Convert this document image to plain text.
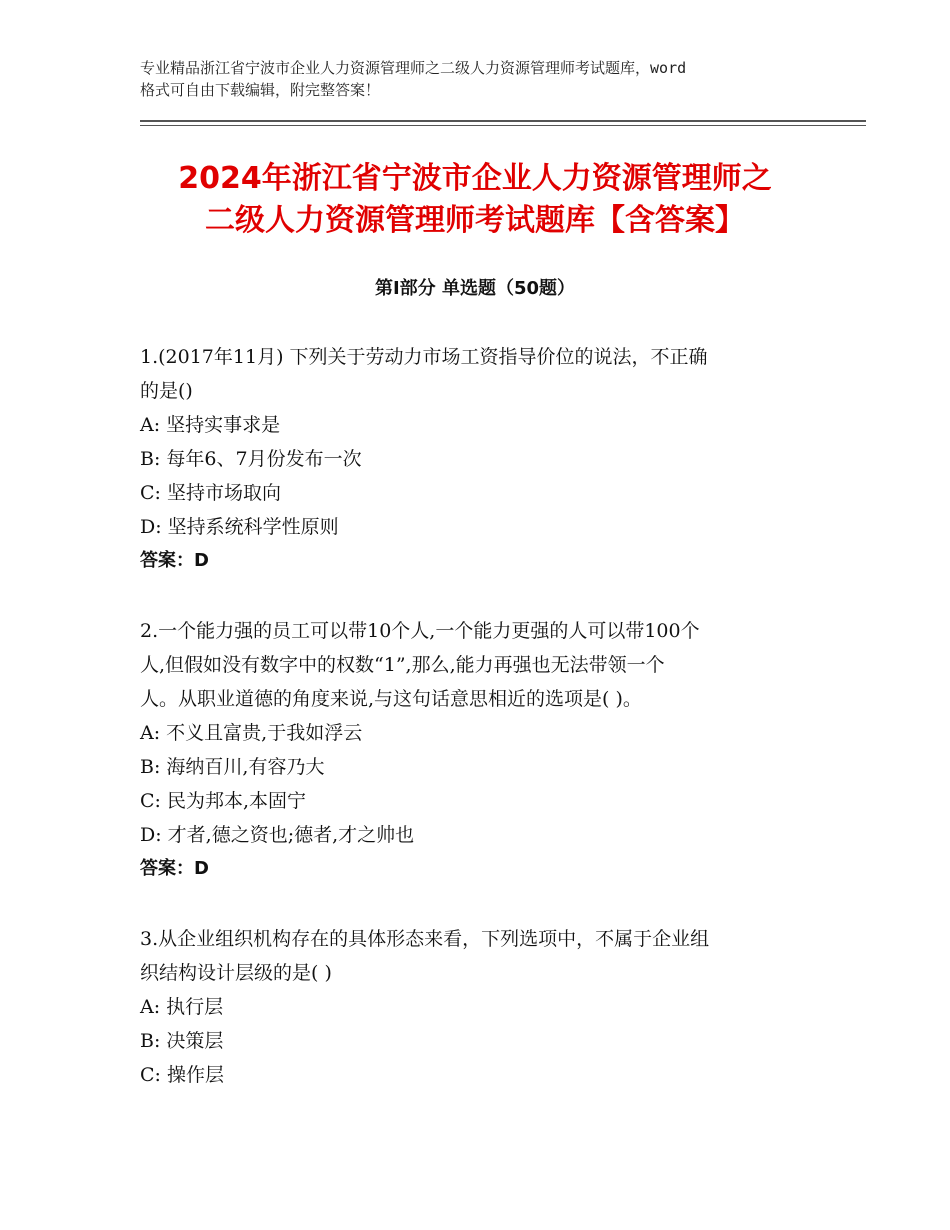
专业精品浙江省宁波市企业人力资源管理师之二级人力资源管理师考试题库，word
格式可自由下载编辑，附完整答案！
2024年浙江省宁波市企业人力资源管理师之
二级人力资源管理师考试题库【含答案】
第Ⅰ部分 单选题（50题）

1.(2017年11月) 下列关于劳动力市场工资指导价位的说法，不正确

的是()

A: 坚持实事求是

B: 每年6、7月份发布一次

C: 坚持市场取向

D: 坚持系统科学性原则

答案：D

2.一个能力强的员工可以带10个人,一个能力更强的人可以带100个

人,但假如没有数字中的权数“1”,那么,能力再强也无法带领一个

人。从职业道德的角度来说,与这句话意思相近的选项是( )。

A: 不义且富贵,于我如浮云

B: 海纳百川,有容乃大

C: 民为邦本,本固宁

D: 才者,德之资也;德者,才之帅也

答案：D

3.从企业组织机构存在的具体形态来看，下列选项中，不属于企业组

织结构设计层级的是( )

A: 执行层

B: 决策层

C: 操作层
